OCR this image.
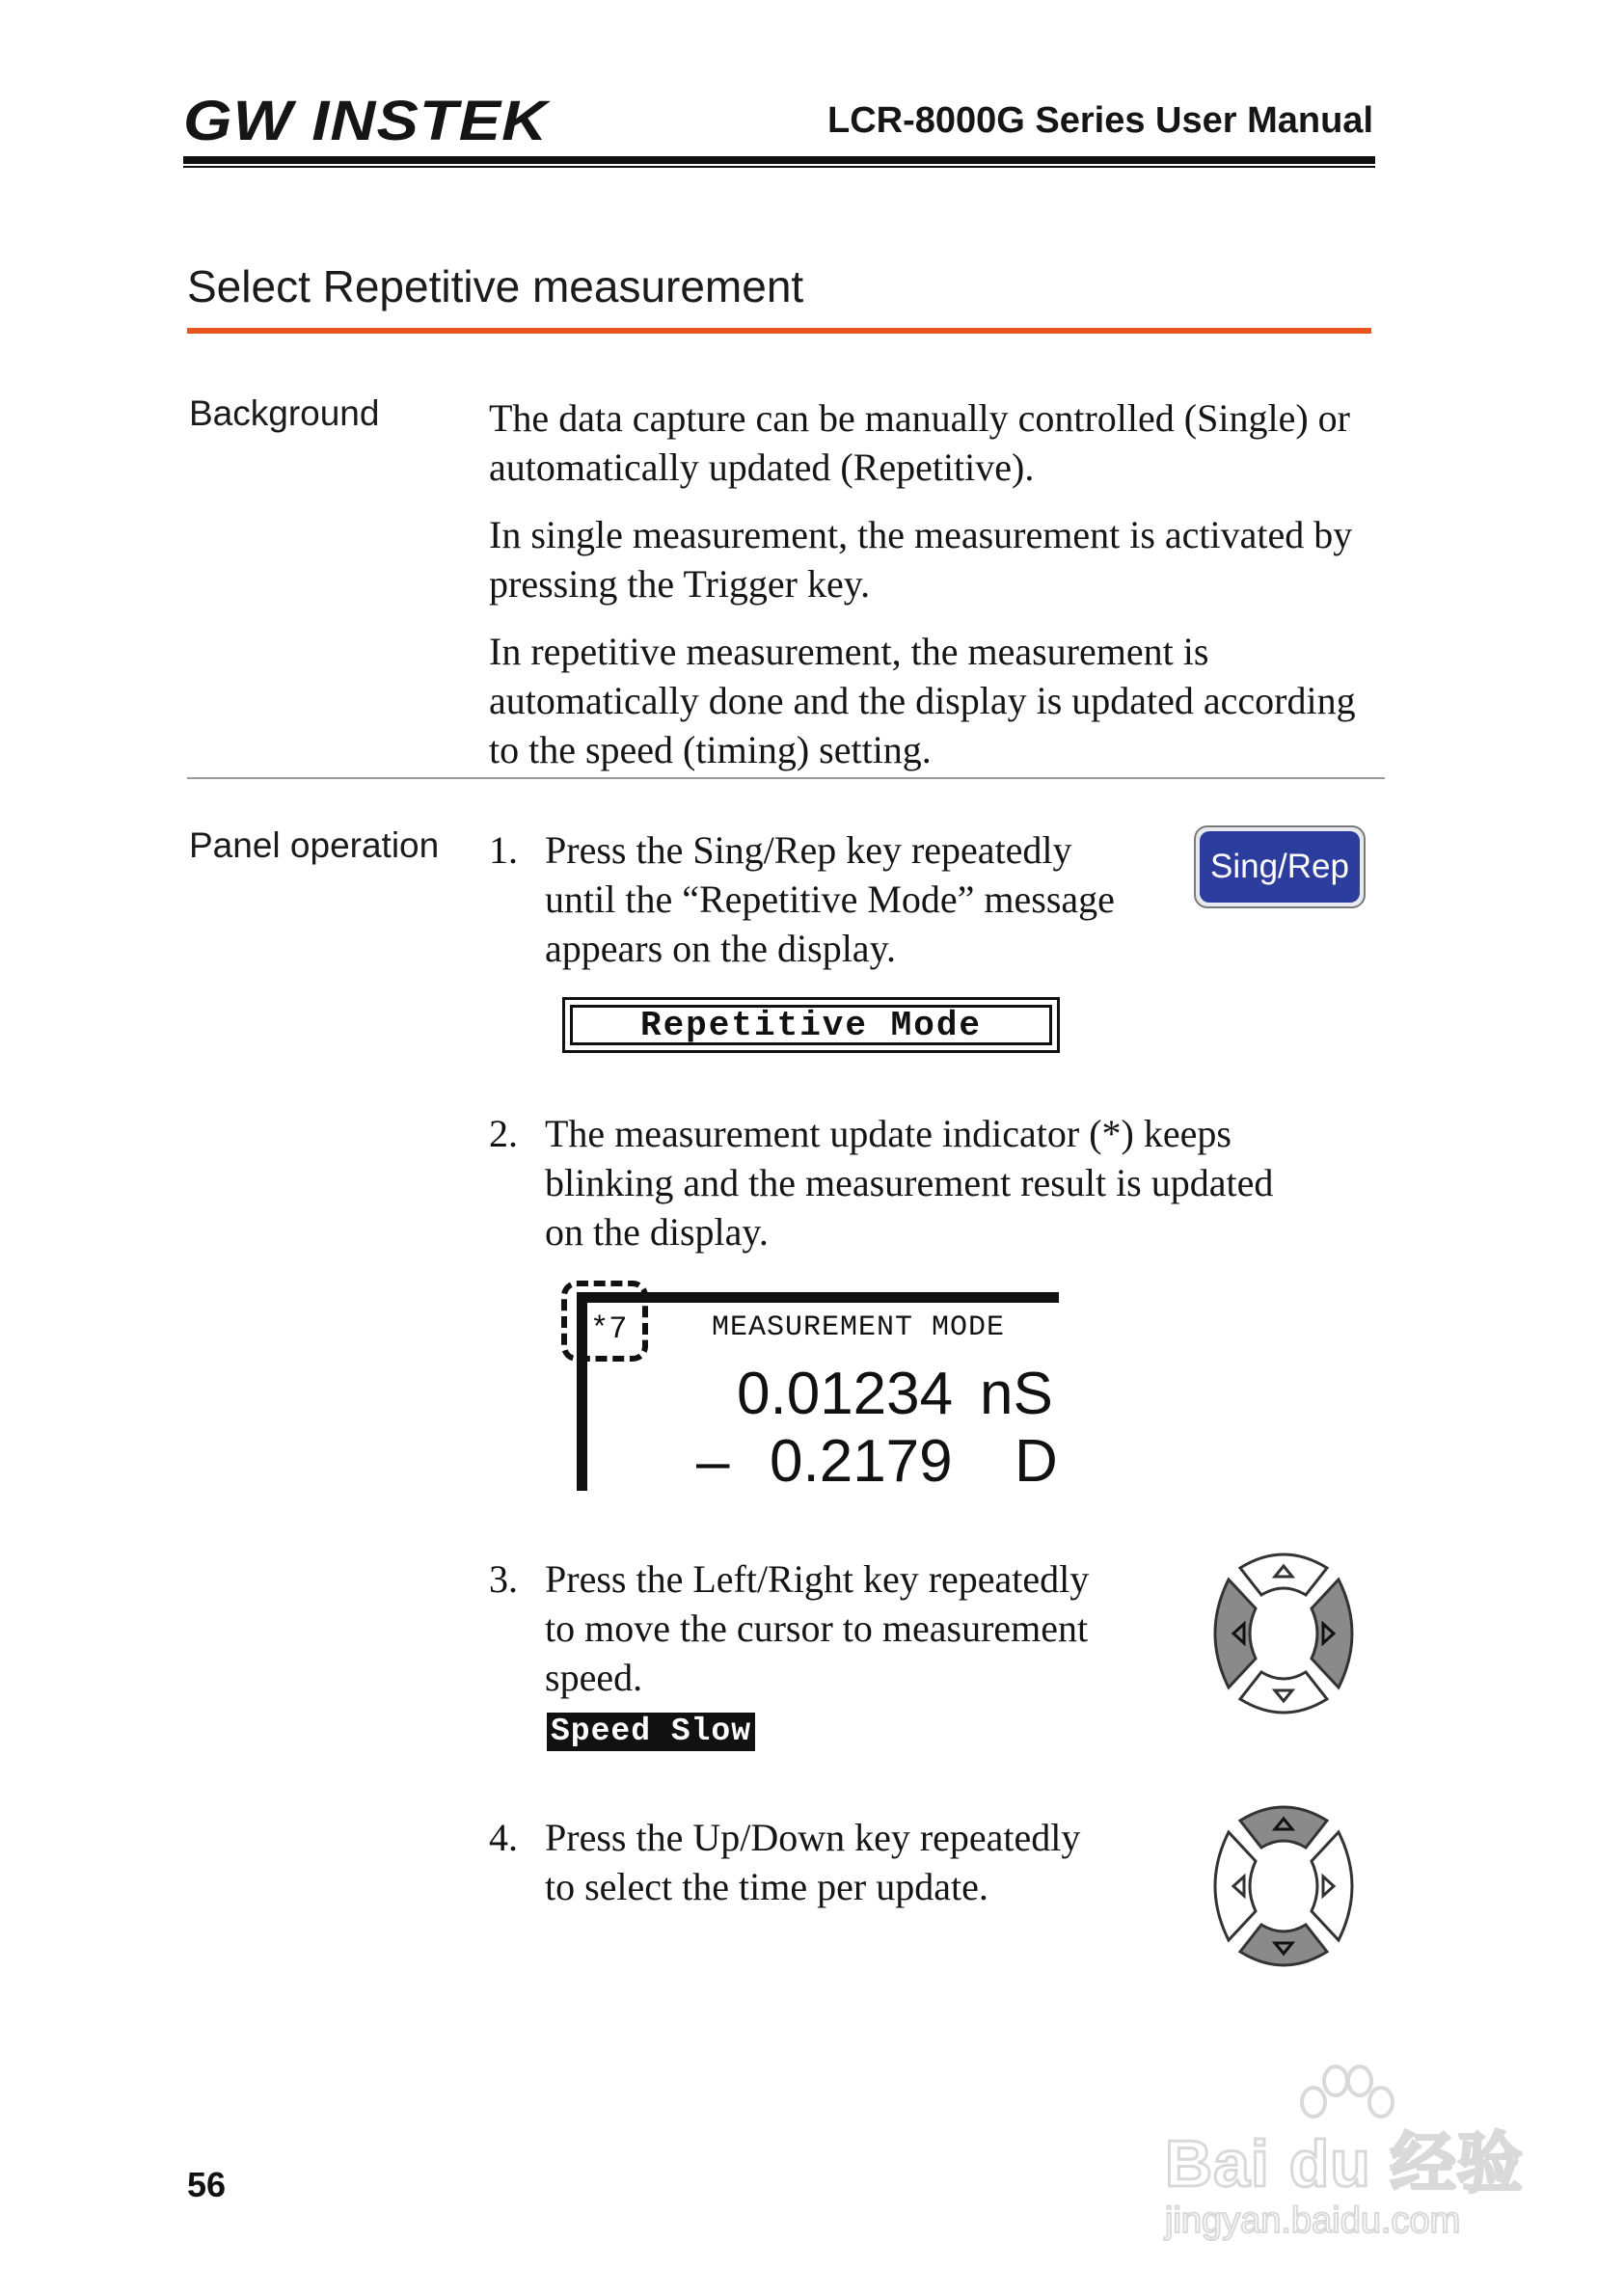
GW INSTEK	LCR-8000G Series User Manual
Select Repetitive measurement
Background	The data capture can be manually controlled (Single) or automatically updated (Repetitive).
In single measurement, the measurement is activated by pressing the Trigger key.
In repetitive measurement, the measurement is automatically done and the display is updated according to the speed (timing) setting.
Panel operation 1. Press the Sing/Rep key repeatedly
until the “Repetitive Mode” message
appears on the display.
Sing/Rep
Repetitive Mode
2. The measurement update indicator (*) keeps
blinking and the measurement result is updated
on the display.
*7	MEASUREMENT MODE
0.01234 nS
– 0.2179 D
3. Press the Left/Right key repeatedly
to move the cursor to measurement
speed.
Speed Slow
4. Press the Up/Down key repeatedly
to select the time per update.
56	Bai du 经验
jingyan.baidu.com
